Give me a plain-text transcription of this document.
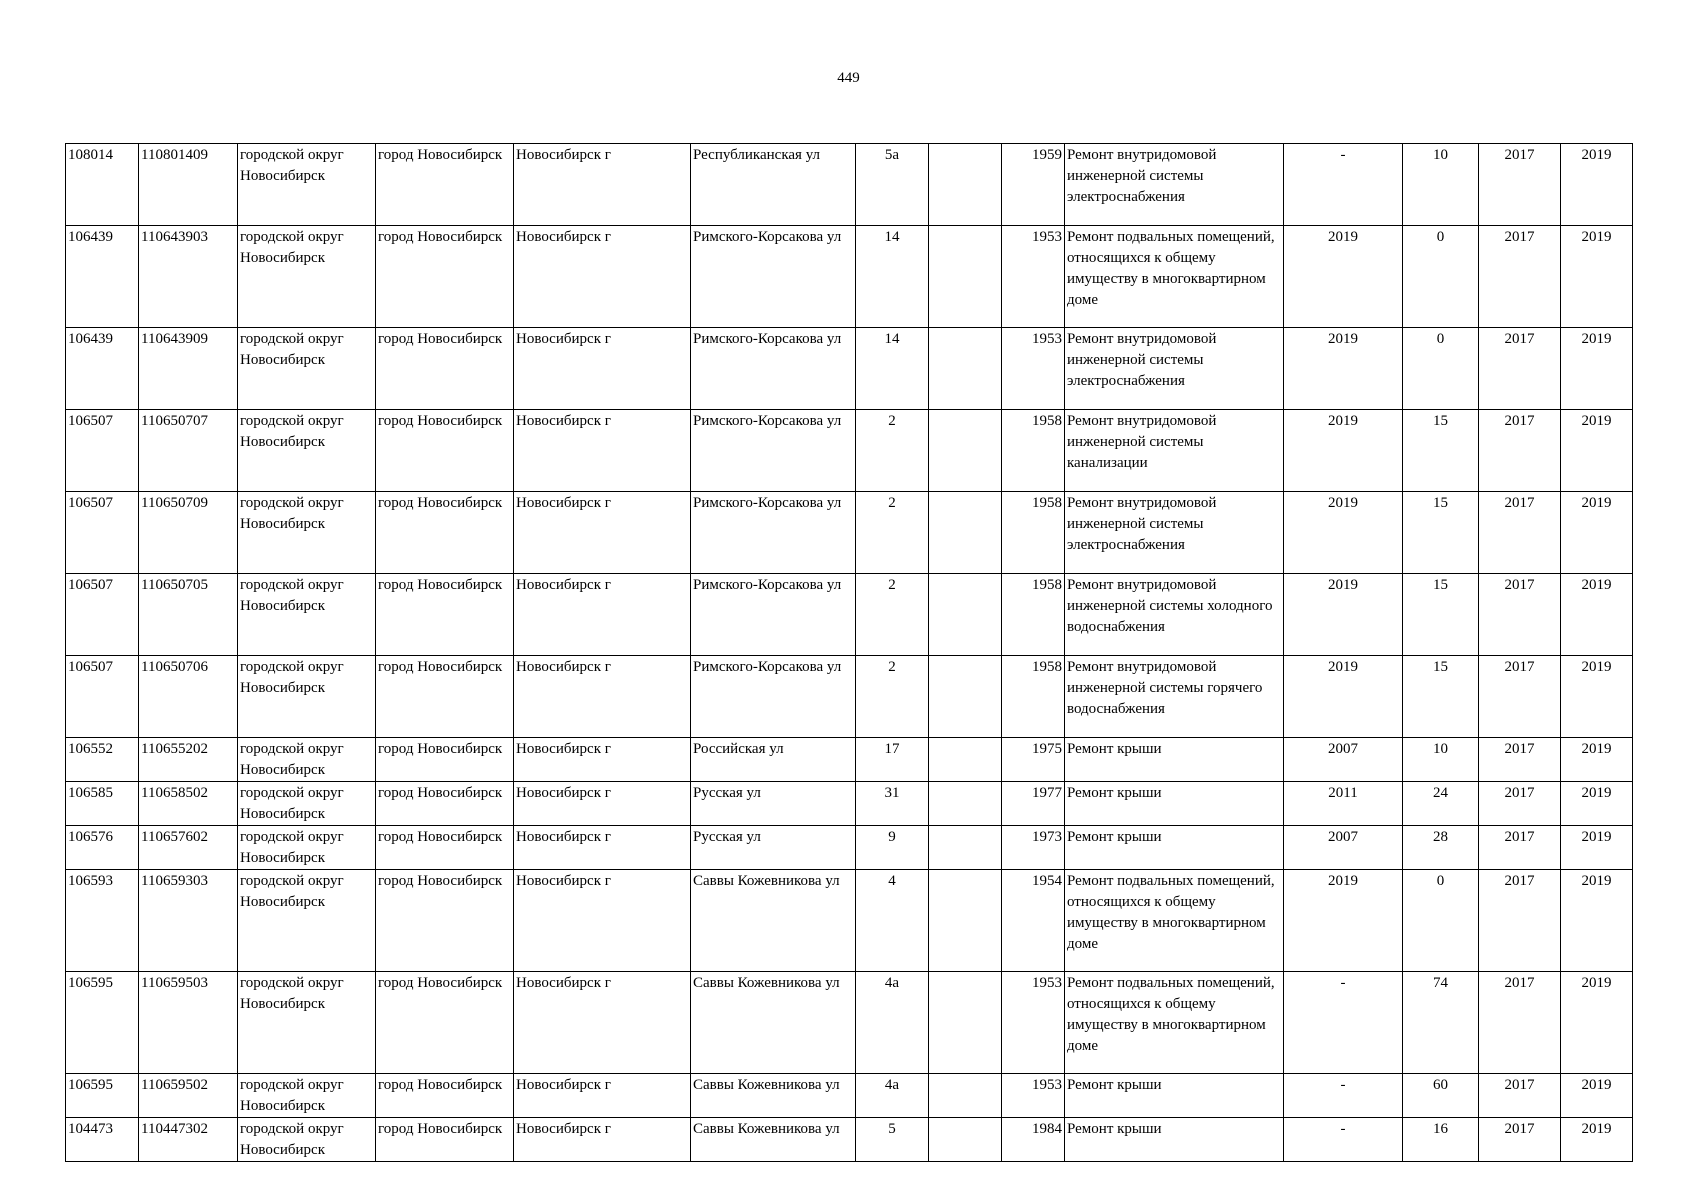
449
108014	110801409	городской округ Новосибирск	город Новосибирск	Новосибирск г	Республиканская ул	5а		1959	Ремонт внутридомовой инженерной системы электроснабжения	-	10	2017	2019
106439	110643903	городской округ Новосибирск	город Новосибирск	Новосибирск г	Римского-Корсакова ул	14		1953	Ремонт подвальных помещений, относящихся к общему имуществу в многоквартирном доме	2019	0	2017	2019
106439	110643909	городской округ Новосибирск	город Новосибирск	Новосибирск г	Римского-Корсакова ул	14		1953	Ремонт внутридомовой инженерной системы электроснабжения	2019	0	2017	2019
106507	110650707	городской округ Новосибирск	город Новосибирск	Новосибирск г	Римского-Корсакова ул	2		1958	Ремонт внутридомовой инженерной системы канализации	2019	15	2017	2019
106507	110650709	городской округ Новосибирск	город Новосибирск	Новосибирск г	Римского-Корсакова ул	2		1958	Ремонт внутридомовой инженерной системы электроснабжения	2019	15	2017	2019
106507	110650705	городской округ Новосибирск	город Новосибирск	Новосибирск г	Римского-Корсакова ул	2		1958	Ремонт внутридомовой инженерной системы холодного водоснабжения	2019	15	2017	2019
106507	110650706	городской округ Новосибирск	город Новосибирск	Новосибирск г	Римского-Корсакова ул	2		1958	Ремонт внутридомовой инженерной системы горячего водоснабжения	2019	15	2017	2019
106552	110655202	городской округ Новосибирск	город Новосибирск	Новосибирск г	Российская ул	17		1975	Ремонт крыши	2007	10	2017	2019
106585	110658502	городской округ Новосибирск	город Новосибирск	Новосибирск г	Русская ул	31		1977	Ремонт крыши	2011	24	2017	2019
106576	110657602	городской округ Новосибирск	город Новосибирск	Новосибирск г	Русская ул	9		1973	Ремонт крыши	2007	28	2017	2019
106593	110659303	городской округ Новосибирск	город Новосибирск	Новосибирск г	Саввы Кожевникова ул	4		1954	Ремонт подвальных помещений, относящихся к общему имуществу в многоквартирном доме	2019	0	2017	2019
106595	110659503	городской округ Новосибирск	город Новосибирск	Новосибирск г	Саввы Кожевникова ул	4а		1953	Ремонт подвальных помещений, относящихся к общему имуществу в многоквартирном доме	-	74	2017	2019
106595	110659502	городской округ Новосибирск	город Новосибирск	Новосибирск г	Саввы Кожевникова ул	4а		1953	Ремонт крыши	-	60	2017	2019
104473	110447302	городской округ Новосибирск	город Новосибирск	Новосибирск г	Саввы Кожевникова ул	5		1984	Ремонт крыши	-	16	2017	2019
